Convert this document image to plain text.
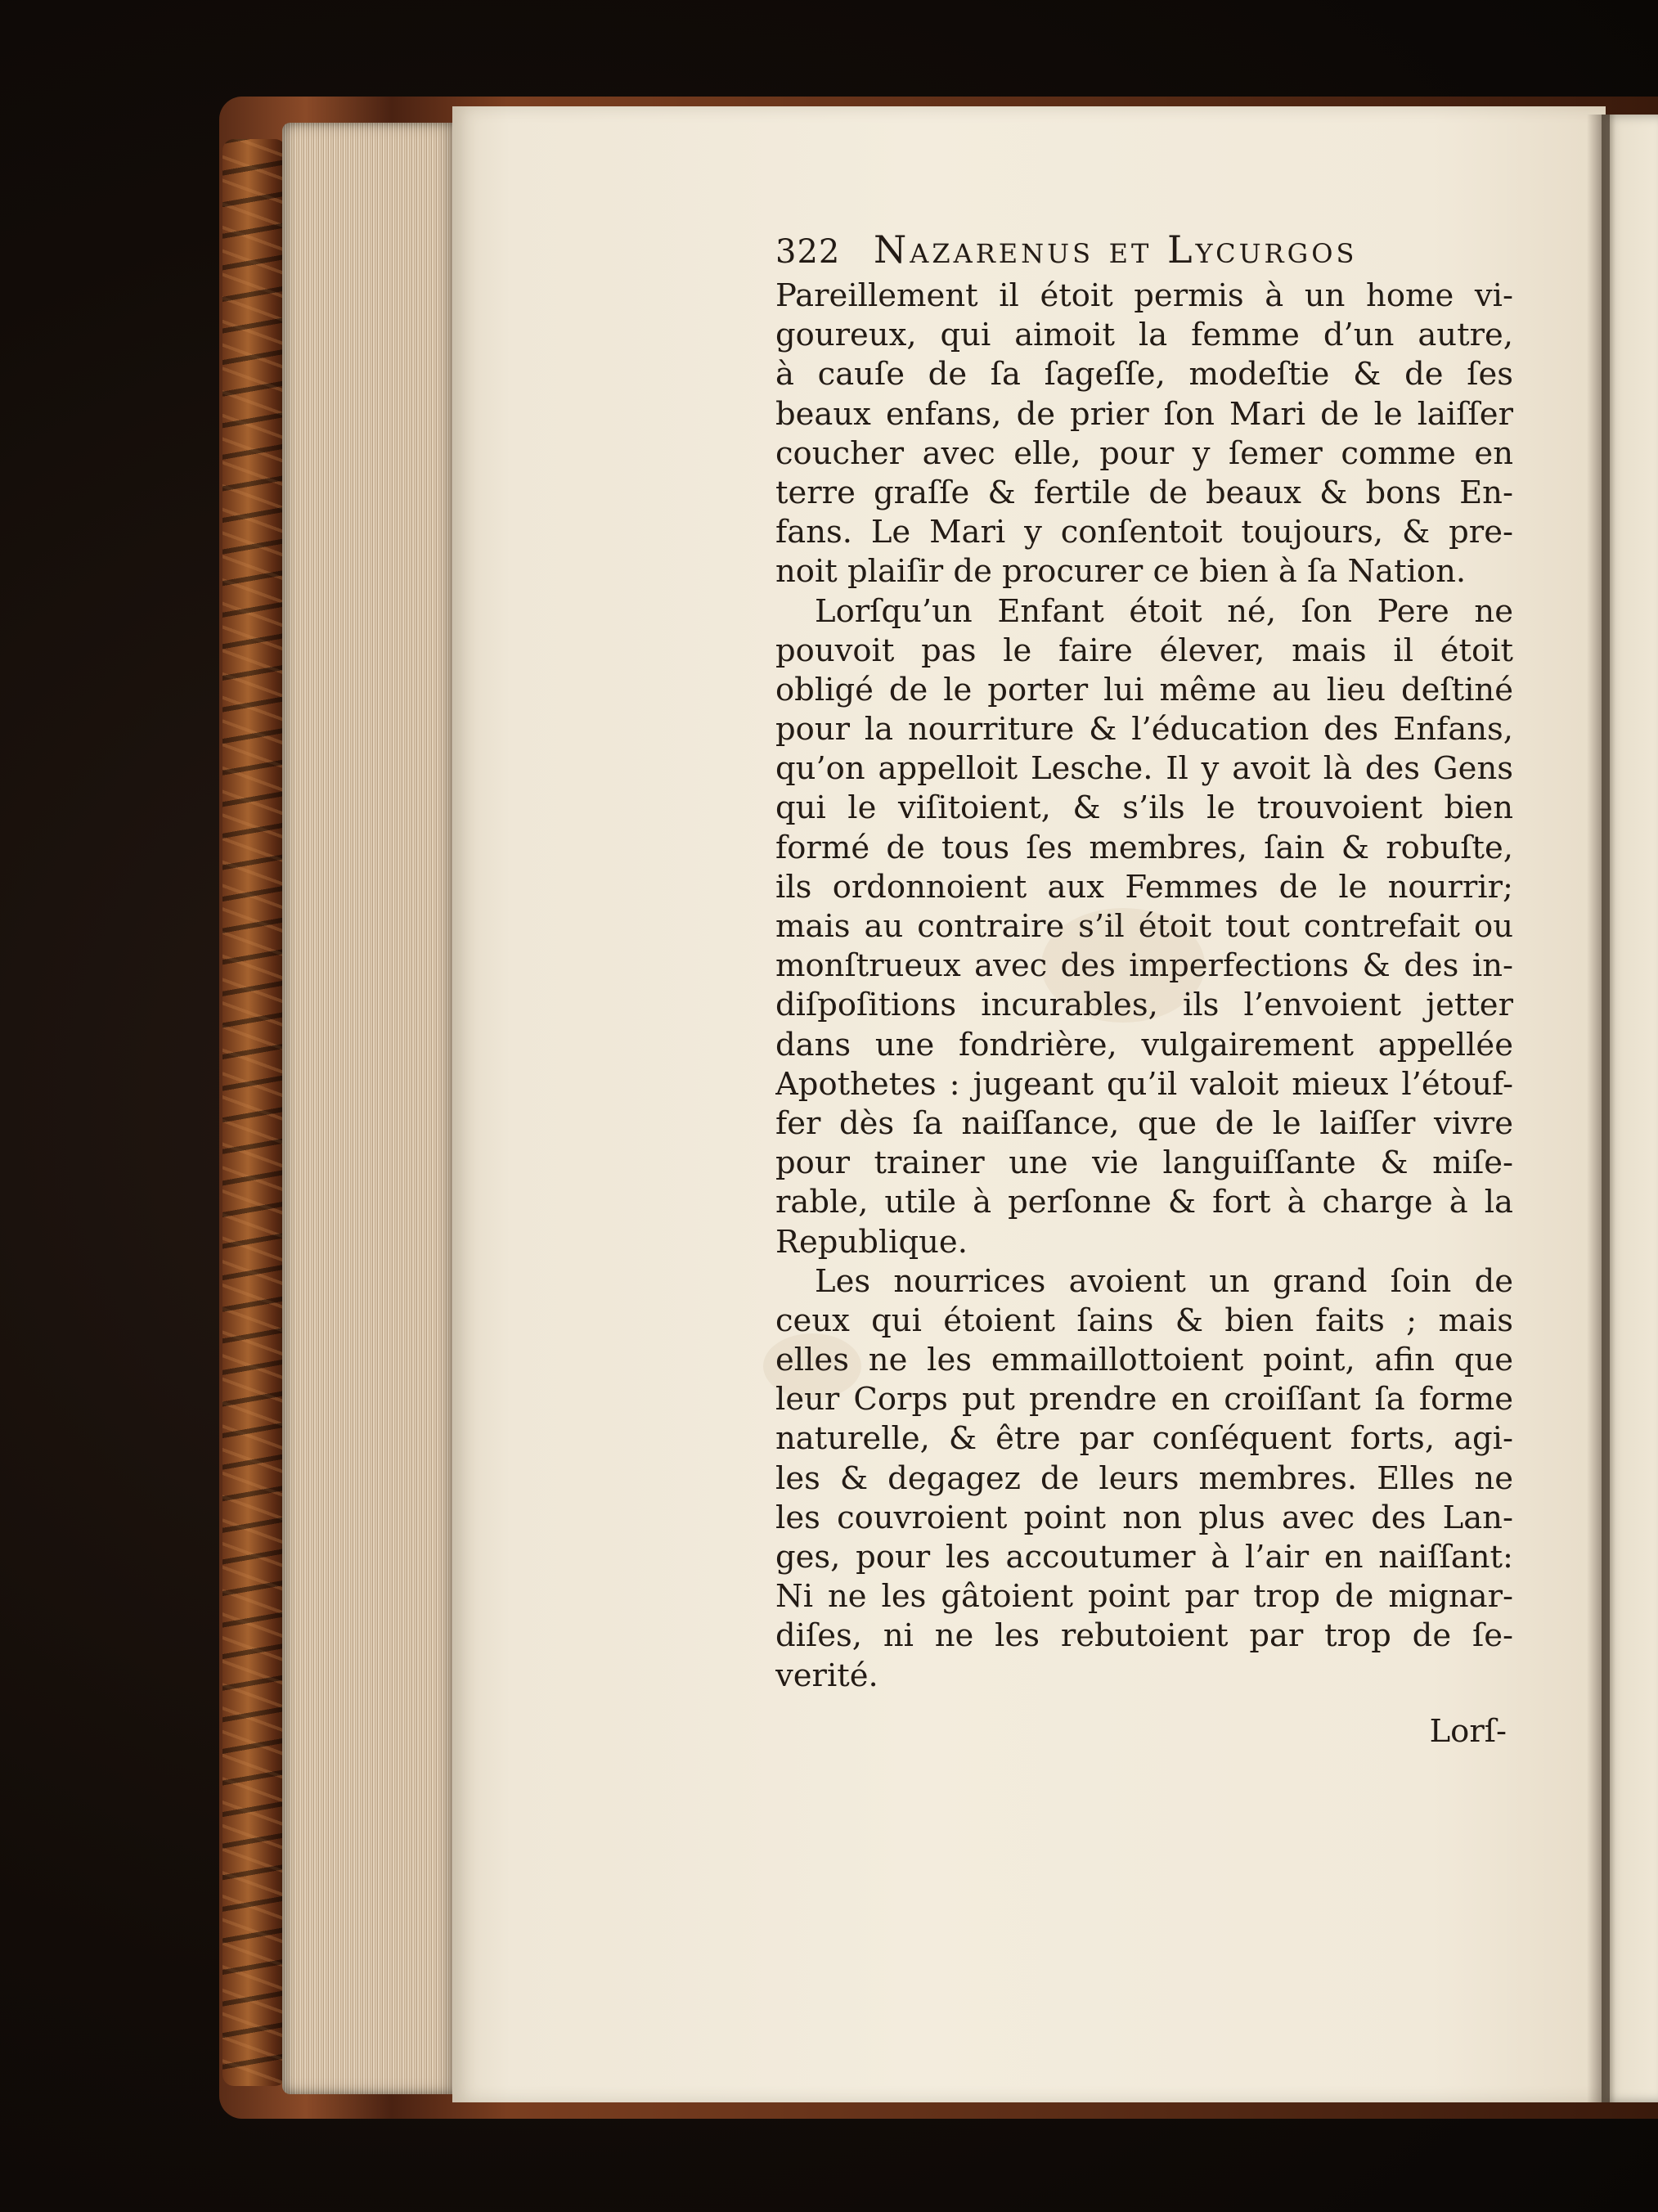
322 Nazarenus et Lycurgos
Pareillement il étoit permis à un home vi-
goureux, qui aimoit la femme d’un autre,
à cauſe de ſa ſageſſe, modeſtie & de ſes
beaux enfans, de prier ſon Mari de le laiſſer
coucher avec elle, pour y ſemer comme en
terre graſſe & fertile de beaux & bons En-
fans. Le Mari y conſentoit toujours, & pre-
noit plaiſir de procurer ce bien à ſa Nation.
Lorſqu’un Enfant étoit né, ſon Pere ne
pouvoit pas le faire élever, mais il étoit
obligé de le porter lui même au lieu deſtiné
pour la nourriture & l’éducation des Enfans,
qu’on appelloit Lesche. Il y avoit là des Gens
qui le viſitoient, & s’ils le trouvoient bien
formé de tous ſes membres, ſain & robuſte,
ils ordonnoient aux Femmes de le nourrir;
mais au contraire s’il étoit tout contrefait ou
monſtrueux avec des imperfections & des in-
diſpoſitions incurables, ils l’envoient jetter
dans une fondrière, vulgairement appellée
Apothetes : jugeant qu’il valoit mieux l’étouf-
fer dès ſa naiſſance, que de le laiſſer vivre
pour trainer une vie languiſſante & miſe-
rable, utile à perſonne & fort à charge à la
Republique.
Les nourrices avoient un grand ſoin de
ceux qui étoient ſains & bien faits ; mais
elles ne les emmaillottoient point, afin que
leur Corps put prendre en croiſſant ſa forme
naturelle, & être par conſéquent forts, agi-
les & degagez de leurs membres. Elles ne
les couvroient point non plus avec des Lan-
ges, pour les accoutumer à l’air en naiſſant:
Ni ne les gâtoient point par trop de mignar-
diſes, ni ne les rebutoient par trop de ſe-
verité.
Lorſ-
